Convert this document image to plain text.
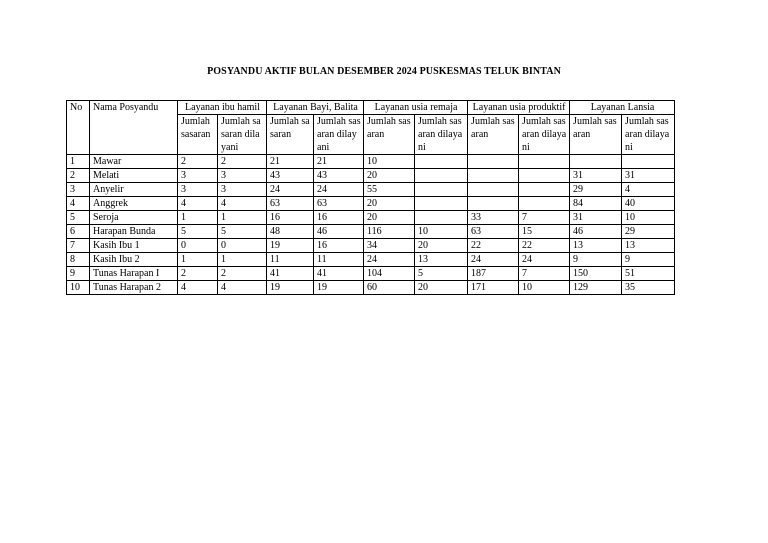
POSYANDU AKTIF BULAN DESEMBER 2024 PUSKESMAS TELUK BINTAN
No	Nama Posyandu	Layanan ibu hamil		Layanan Bayi, Balita		Layanan usia remaja		Layanan usia produktif		Layanan Lansia	
		Jumlah sasaran	Jumlah sasaran dilayani	Jumlah sasaran	Jumlah sasaran dilayani	Jumlah sasaran	Jumlah sasaran dilayani	Jumlah sasaran	Jumlah sasaran dilayani	Jumlah sasaran	Jumlah sasaran dilayani
1	Mawar	2	2	21	21	10					
2	Melati	3	3	43	43	20				31	31
3	Anyelir	3	3	24	24	55				29	4
4	Anggrek	4	4	63	63	20				84	40
5	Seroja	1	1	16	16	20		33	7	31	10
6	Harapan Bunda	5	5	48	46	116	10	63	15	46	29
7	Kasih Ibu 1	0	0	19	16	34	20	22	22	13	13
8	Kasih Ibu 2	1	1	11	11	24	13	24	24	9	9
9	Tunas Harapan I	2	2	41	41	104	5	187	7	150	51
10	Tunas Harapan 2	4	4	19	19	60	20	171	10	129	35
